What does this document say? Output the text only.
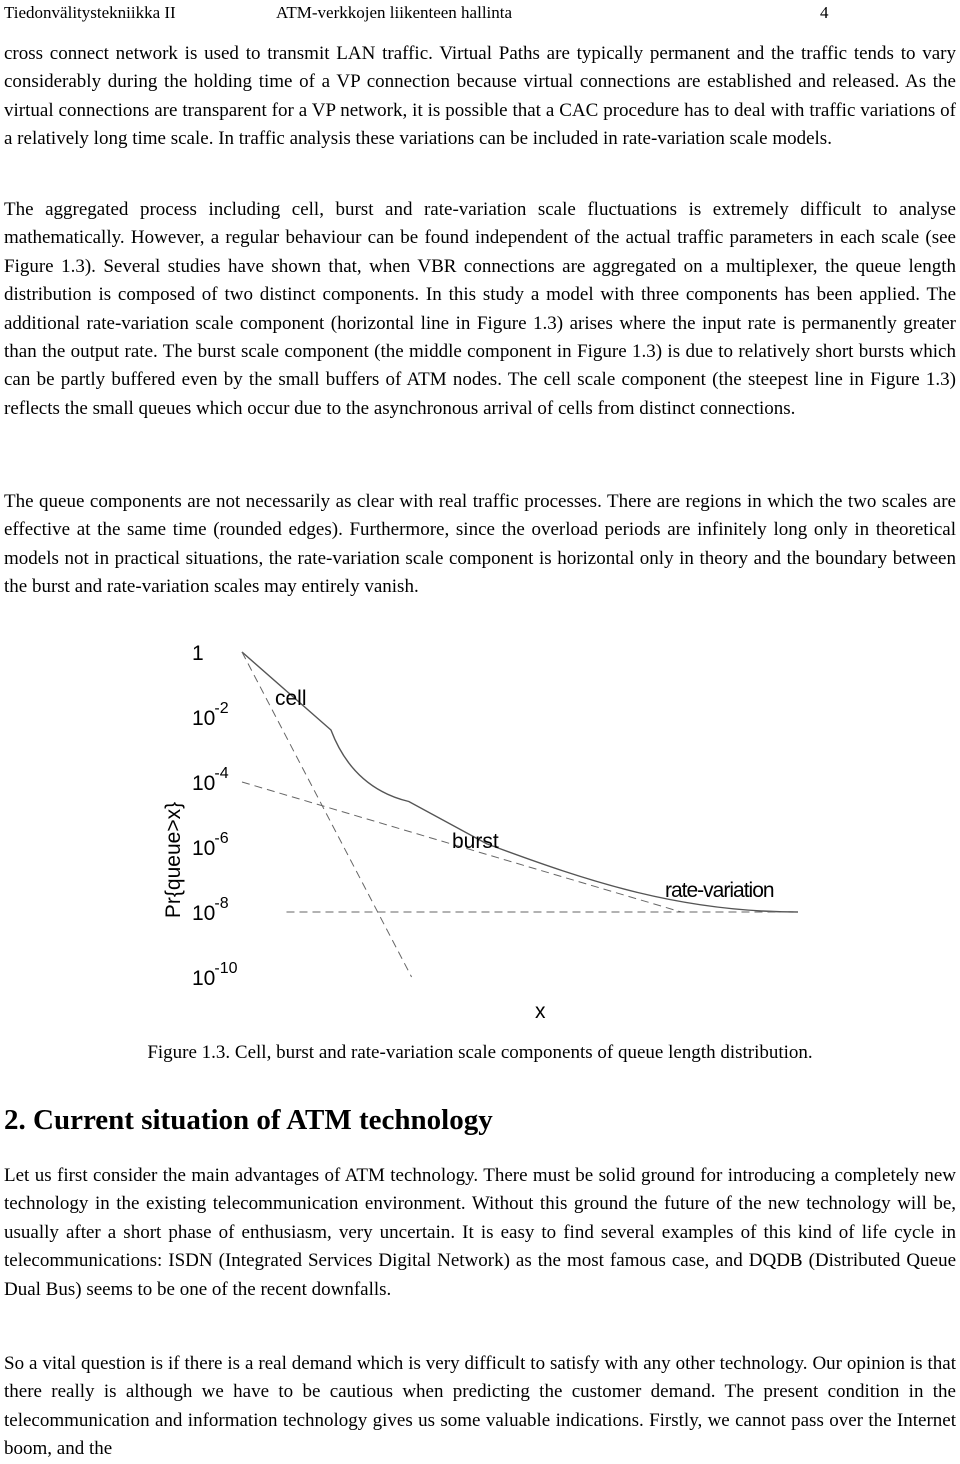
Tiedonvälitystekniikka II	ATM-verkkojen liikenteen hallinta	4

cross connect network is used to transmit LAN traffic. Virtual Paths are typically permanent and the traffic tends to vary considerably during the holding time of a VP connection because virtual connections are established and released. As the virtual connections are transparent for a VP network, it is possible that a CAC procedure has to deal with traffic variations of a relatively long time scale. In traffic analysis these variations can be included in rate-variation scale models.

The aggregated process including cell, burst and rate-variation scale fluctuations is extremely difficult to analyse mathematically. However, a regular behaviour can be found independent of the actual traffic parameters in each scale (see Figure 1.3). Several studies have shown that, when VBR connections are aggregated on a multiplexer, the queue length distribution is composed of two distinct components. In this study a model with three components has been applied. The additional rate-variation scale component (horizontal line in Figure 1.3) arises where the input rate is permanently greater than the output rate. The burst scale component (the middle component in Figure 1.3) is due to relatively short bursts which can be partly buffered even by the small buffers of ATM nodes. The cell scale component (the steepest line in Figure 1.3) reflects the small queues which occur due to the asynchronous arrival of cells from distinct connections.

The queue components are not necessarily as clear with real traffic processes. There are regions in which the two scales are effective at the same time (rounded edges). Furthermore, since the overload periods are infinitely long only in theoretical models not in practical situations, the rate-variation scale component is horizontal only in theory and the boundary between the burst and rate-variation scales may entirely vanish.

Pr{queue>x}
1
10-2
10-4
10-6
10-8
10-10
cell
burst
rate-variation
x
Figure 1.3. Cell, burst and rate-variation scale components of queue length distribution.
2. Current situation of ATM technology

Let us first consider the main advantages of ATM technology. There must be solid ground for introducing a completely new technology in the existing telecommunication environment. Without this ground the future of the new technology will be, usually after a short phase of enthusiasm, very uncertain. It is easy to find several examples of this kind of life cycle in telecommunications: ISDN (Integrated Services Digital Network) as the most famous case, and DQDB (Distributed Queue Dual Bus) seems to be one of the recent downfalls.

So a vital question is if there is a real demand which is very difficult to satisfy with any other technology. Our opinion is that there really is although we have to be cautious when predicting the customer demand. The present condition in the telecommunication and information technology gives us some valuable indications. Firstly, we cannot pass over the Internet boom, and the
